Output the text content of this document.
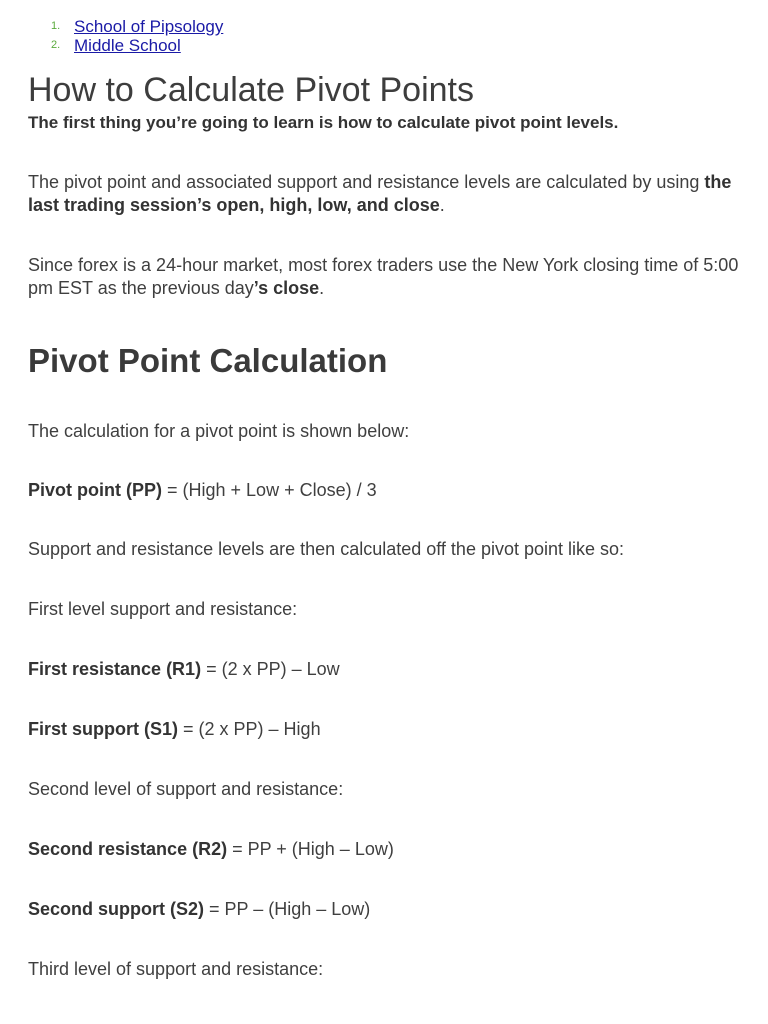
1. School of Pipsology
2. Middle School
How to Calculate Pivot Points

The first thing you’re going to learn is how to calculate pivot point levels.

The pivot point and associated support and resistance levels are calculated by using the last trading session’s open, high, low, and close.

Since forex is a 24-hour market, most forex traders use the New York closing time of 5:00 pm EST as the previous day’s close.

Pivot Point Calculation

The calculation for a pivot point is shown below:

Pivot point (PP) = (High + Low + Close) / 3

Support and resistance levels are then calculated off the pivot point like so:

First level support and resistance:

First resistance (R1) = (2 x PP) – Low

First support (S1) = (2 x PP) – High

Second level of support and resistance:

Second resistance (R2) = PP + (High – Low)

Second support (S2) = PP – (High – Low)

Third level of support and resistance:
